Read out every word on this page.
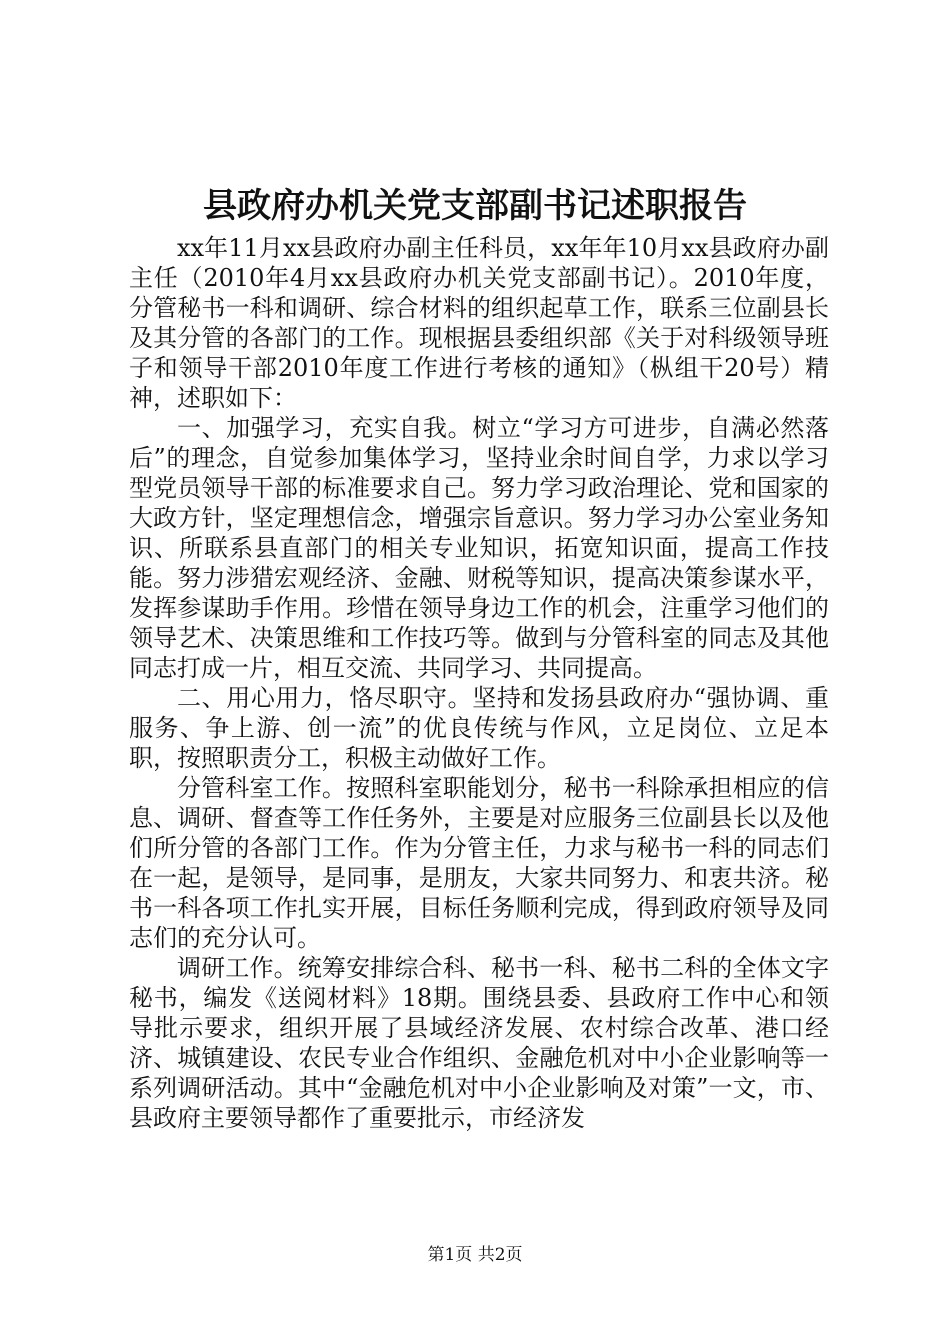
县政府办机关党支部副书记述职报告

xx年11月xx县政府办副主任科员，xx年年10月xx县政府办副主任（2010年4月xx县政府办机关党支部副书记）。2010年度，分管秘书一科和调研、综合材料的组织起草工作，联系三位副县长及其分管的各部门的工作。现根据县委组织部《关于对科级领导班子和领导干部2010年度工作进行考核的通知》（枞组干20号）精神，述职如下：

一、加强学习，充实自我。树立“学习方可进步，自满必然落后”的理念，自觉参加集体学习，坚持业余时间自学，力求以学习型党员领导干部的标准要求自己。努力学习政治理论、党和国家的大政方针，坚定理想信念，增强宗旨意识。努力学习办公室业务知识、所联系县直部门的相关专业知识，拓宽知识面，提高工作技能。努力涉猎宏观经济、金融、财税等知识，提高决策参谋水平，发挥参谋助手作用。珍惜在领导身边工作的机会，注重学习他们的领导艺术、决策思维和工作技巧等。做到与分管科室的同志及其他同志打成一片，相互交流、共同学习、共同提高。

二、用心用力，恪尽职守。坚持和发扬县政府办“强协调、重服务、争上游、创一流”的优良传统与作风，立足岗位、立足本职，按照职责分工，积极主动做好工作。

分管科室工作。按照科室职能划分，秘书一科除承担相应的信息、调研、督查等工作任务外，主要是对应服务三位副县长以及他们所分管的各部门工作。作为分管主任，力求与秘书一科的同志们在一起，是领导，是同事，是朋友，大家共同努力、和衷共济。秘书一科各项工作扎实开展，目标任务顺利完成，得到政府领导及同志们的充分认可。

调研工作。统筹安排综合科、秘书一科、秘书二科的全体文字秘书，编发《送阅材料》18期。围绕县委、县政府工作中心和领导批示要求，组织开展了县域经济发展、农村综合改革、港口经济、城镇建设、农民专业合作组织、金融危机对中小企业影响等一系列调研活动。其中“金融危机对中小企业影响及对策”一文，市、县政府主要领导都作了重要批示，市经济发

第1页 共2页
